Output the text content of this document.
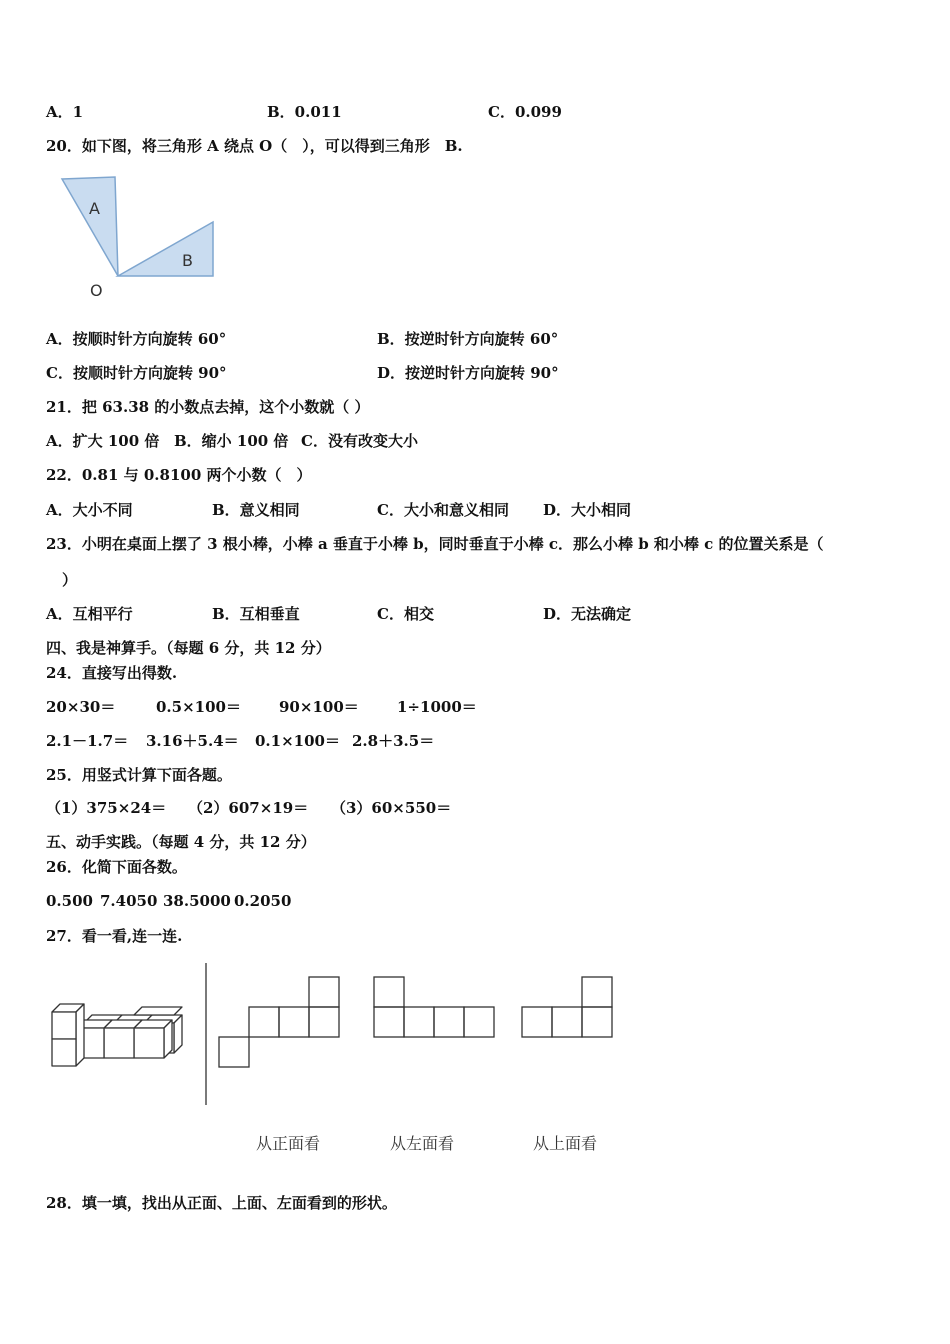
A．1	B．0.011	C．0.099
20．如下图，将三角形 A 绕点 O（　），可以得到三角形　B.
A
B
O
A．按顺时针方向旋转 60°	B．按逆时针方向旋转 60°
C．按顺时针方向旋转 90°	D．按逆时针方向旋转 90°
21．把 63.38 的小数点去掉，这个小数就（ ）
A．扩大 100 倍 B．缩小 100 倍 C．没有改变大小
22．0.81 与 0.8100 两个小数（　）
A．大小不同	B．意义相同	C．大小和意义相同 D．大小相同
23．小明在桌面上摆了 3 根小棒，小棒 a 垂直于小棒 b，同时垂直于小棒 c．那么小棒 b 和小棒 c 的位置关系是（
）
A．互相平行	B．互相垂直	C．相交	D．无法确定
四、我是神算手。（每题 6 分，共 12 分）
24．直接写出得数.
20×30＝	0.5×100＝	90×100＝	1÷1000＝
2.1－1.7＝ 3.16＋5.4＝ 0.1×100＝ 2.8＋3.5＝
25．用竖式计算下面各题。
（1）375×24＝ （2）607×19＝ （3）60×550＝
五、动手实践。（每题 4 分，共 12 分）
26．化简下面各数。
0.500 7.4050 38.5000 0.2050
27．看一看,连一连.
从正面看	从左面看	从上面看
28．填一填，找出从正面、上面、左面看到的形状。
